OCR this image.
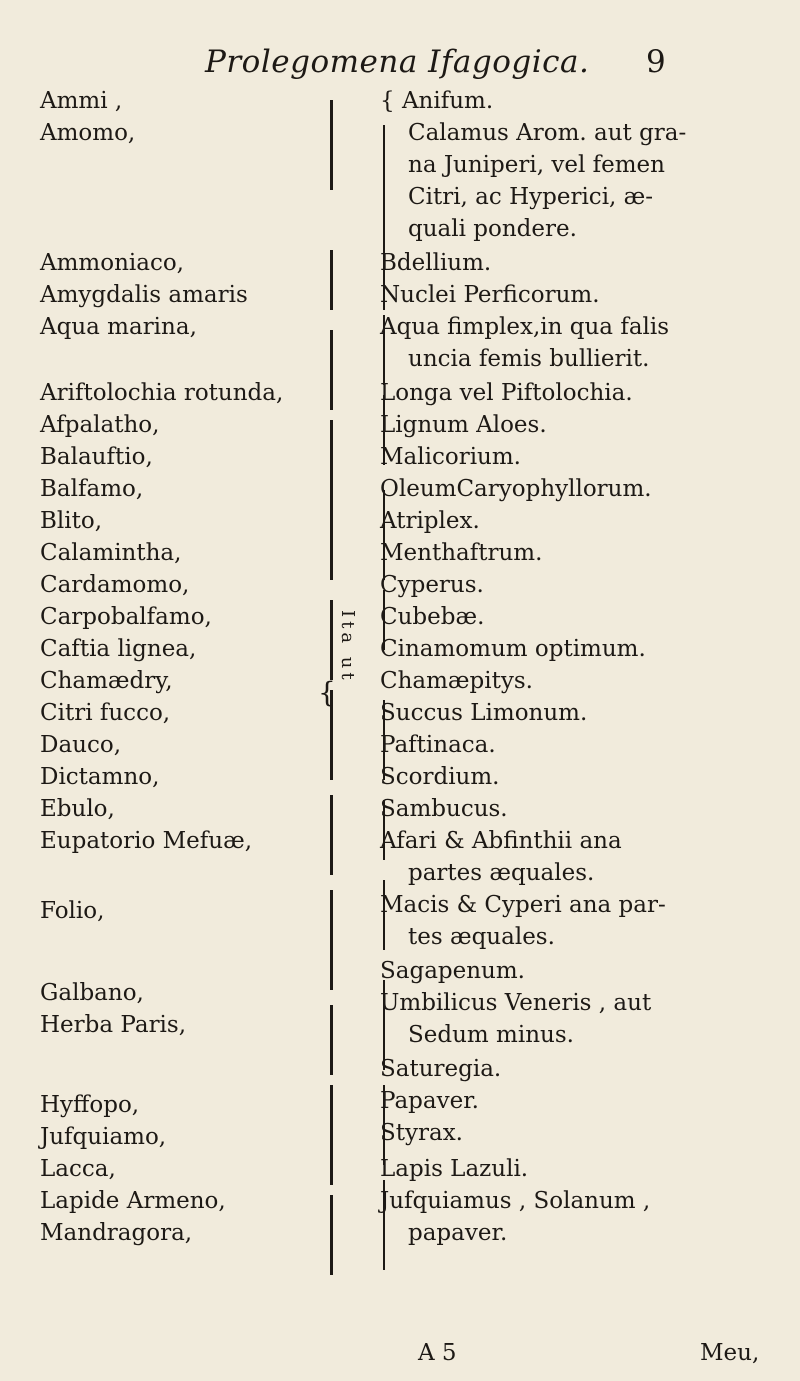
Prolegomena Ifagogica. 9
Ammi ,
Amomo,
Ammoniaco,
Amygdalis amaris
Aqua marina,
Ariftolochia rotunda,
Afpalatho,
Balauftio,
Balfamo,
Blito,
Calamintha,
Cardamomo,
Carpobalfamo,
Caftia lignea,
Chamædry,
Citri fucco,
Dauco,
Dictamno,
Ebulo,
Eupatorio Mefuæ,
Folio,
Galbano,
Herba Paris,
Hyffopo,
Jufquiamo,
Lacca,
Lapide Armeno,
Mandragora,
{
Ita ut
{ Anifum.
Calamus Arom. aut gra-
na Juniperi, vel femen
Citri, ac Hyperici, æ-
quali pondere.
Bdellium.
Nuclei Perficorum.
Aqua fimplex,in qua falis
uncia femis bullierit.
Longa vel Piftolochia.
Lignum Aloes.
Malicorium.
OleumCaryophyllorum.
Atriplex.
Menthaftrum.
Cyperus.
Cubebæ.
Cinamomum optimum.
Chamæpitys.
Succus Limonum.
Paftinaca.
Scordium.
Sambucus.
Afari & Abfinthii ana
partes æquales.
Macis & Cyperi ana par-
tes æquales.
Sagapenum.
Umbilicus Veneris , aut
Sedum minus.
Saturegia.
Papaver.
Styrax.
Lapis Lazuli.
Jufquiamus , Solanum ,
papaver.
A 5	Meu,
